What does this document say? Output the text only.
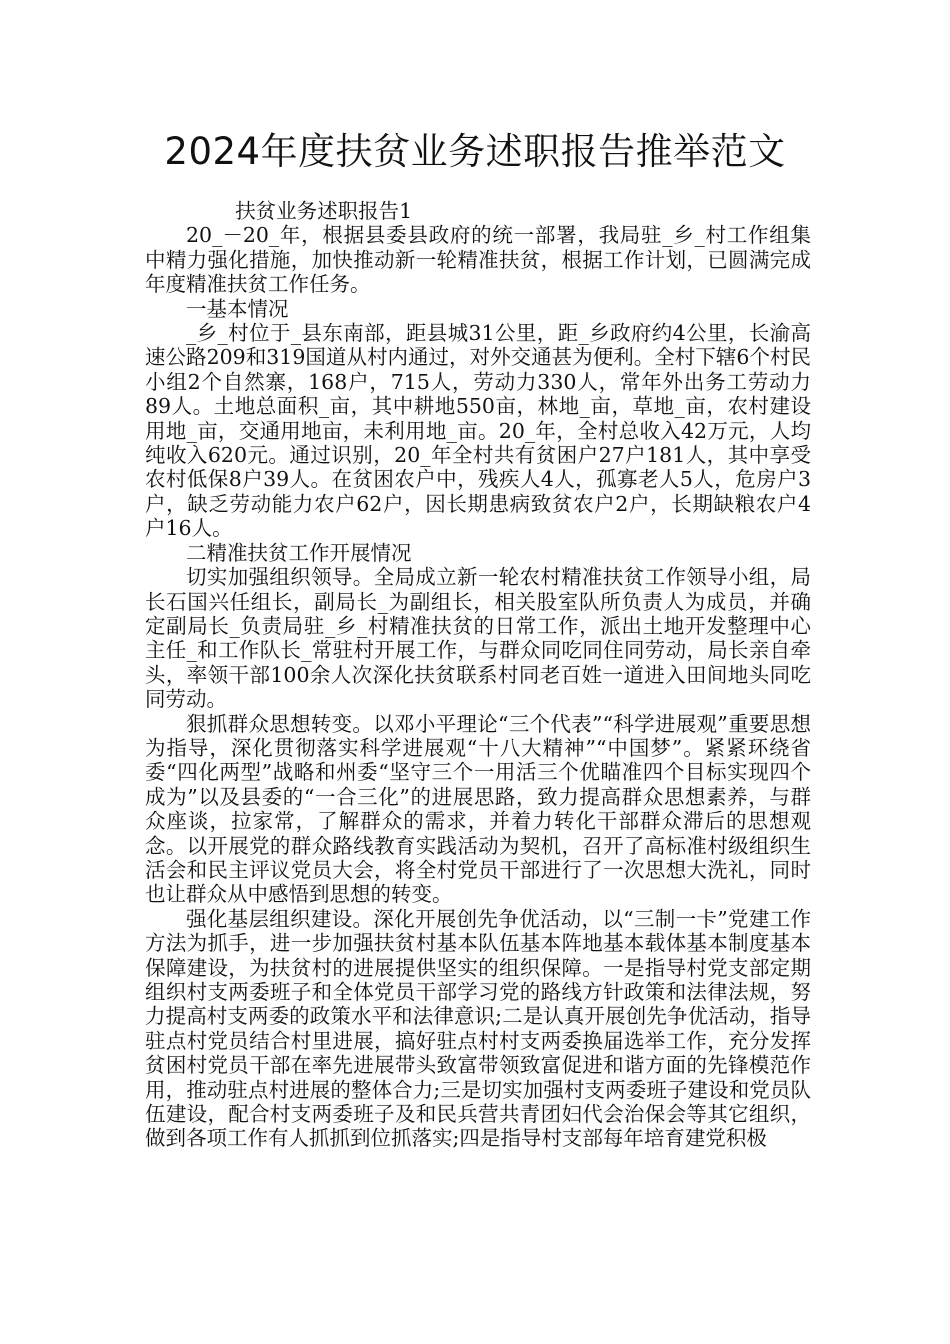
2024年度扶贫业务述职报告推举范文

扶贫业务述职报告1

20_－20_年，根据县委县政府的统一部署，我局驻_乡_村工作组集中精力强化措施，加快推动新一轮精准扶贫，根据工作计划，已圆满完成年度精准扶贫工作任务。

一基本情况

_乡_村位于_县东南部，距县城31公里，距_乡政府约4公里，长渝高速公路209和319国道从村内通过，对外交通甚为便利。全村下辖6个村民小组2个自然寨，168户，715人，劳动力330人，常年外出务工劳动力89人。土地总面积_亩，其中耕地550亩，林地_亩，草地_亩，农村建设用地_亩，交通用地亩，未利用地_亩。20_年，全村总收入42万元，人均纯收入620元。通过识别，20_年全村共有贫困户27户181人，其中享受农村低保8户39人。在贫困农户中，残疾人4人，孤寡老人5人，危房户3户，缺乏劳动能力农户62户，因长期患病致贫农户2户，长期缺粮农户4户16人。

二精准扶贫工作开展情况

切实加强组织领导。全局成立新一轮农村精准扶贫工作领导小组，局长石国兴任组长，副局长_为副组长，相关股室队所负责人为成员，并确定副局长_负责局驻_乡_村精准扶贫的日常工作，派出土地开发整理中心主任_和工作队长_常驻村开展工作，与群众同吃同住同劳动，局长亲自牵头，率领干部100余人次深化扶贫联系村同老百姓一道进入田间地头同吃同劳动。

狠抓群众思想转变。以邓小平理论“三个代表”“科学进展观”重要思想为指导，深化贯彻落实科学进展观“十八大精神”“中国梦”。紧紧环绕省委“四化两型”战略和州委“坚守三个一用活三个优瞄准四个目标实现四个成为”以及县委的“一合三化”的进展思路，致力提高群众思想素养，与群众座谈，拉家常，了解群众的需求，并着力转化干部群众滞后的思想观念。以开展党的群众路线教育实践活动为契机，召开了高标准村级组织生活会和民主评议党员大会，将全村党员干部进行了一次思想大洗礼，同时也让群众从中感悟到思想的转变。

强化基层组织建设。深化开展创先争优活动，以“三制一卡”党建工作方法为抓手，进一步加强扶贫村基本队伍基本阵地基本载体基本制度基本保障建设，为扶贫村的进展提供坚实的组织保障。一是指导村党支部定期组织村支两委班子和全体党员干部学习党的路线方针政策和法律法规，努力提高村支两委的政策水平和法律意识;二是认真开展创先争优活动，指导驻点村党员结合村里进展，搞好驻点村村支两委换届选举工作，充分发挥贫困村党员干部在率先进展带头致富带领致富促进和谐方面的先锋模范作用，推动驻点村进展的整体合力;三是切实加强村支两委班子建设和党员队伍建设，配合村支两委班子及和民兵营共青团妇代会治保会等其它组织，做到各项工作有人抓抓到位抓落实;四是指导村支部每年培育建党积极
